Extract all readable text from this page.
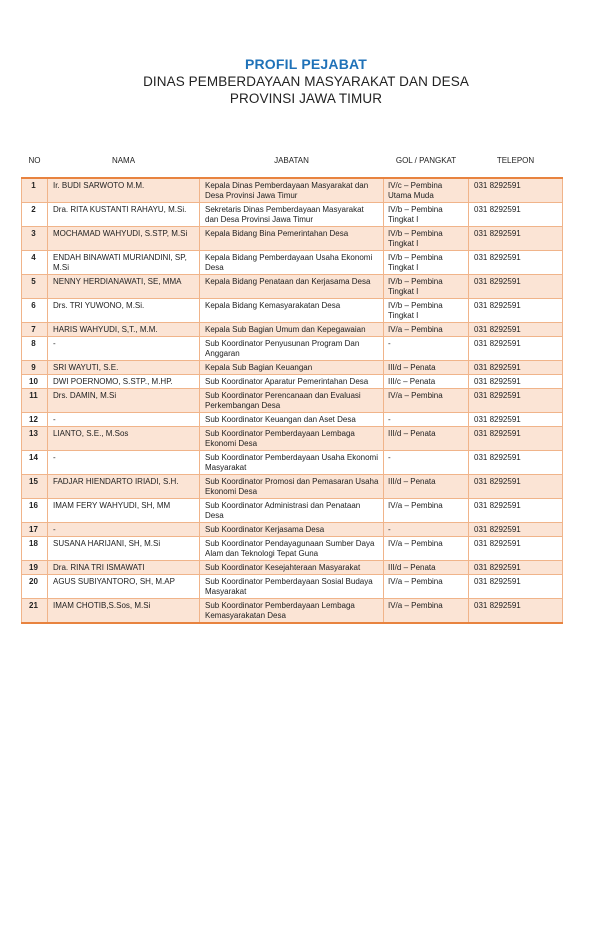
PROFIL PEJABAT
DINAS PEMBERDAYAAN MASYARAKAT DAN DESA
PROVINSI JAWA TIMUR
NO	NAMA	JABATAN	GOL / PANGKAT	TELEPON

1	Ir. BUDI SARWOTO M.M.	Kepala Dinas Pemberdayaan Masyarakat dan Desa Provinsi Jawa Timur	IV/c – Pembina Utama Muda	031 8292591
2	Dra. RITA KUSTANTI RAHAYU, M.Si.	Sekretaris Dinas Pemberdayaan Masyarakat dan Desa Provinsi Jawa Timur	IV/b – Pembina Tingkat I	031 8292591
3	MOCHAMAD WAHYUDI, S.STP, M.Si	Kepala Bidang Bina Pemerintahan Desa	IV/b – Pembina Tingkat I	031 8292591
4	ENDAH BINAWATI MURIANDINI, SP, M.Si	Kepala Bidang Pemberdayaan Usaha Ekonomi Desa	IV/b – Pembina Tingkat I	031 8292591
5	NENNY HERDIANAWATI, SE, MMA	Kepala Bidang Penataan dan Kerjasama Desa	IV/b – Pembina Tingkat I	031 8292591
6	Drs. TRI YUWONO, M.Si.	Kepala Bidang Kemasyarakatan Desa	IV/b – Pembina Tingkat I	031 8292591
7	HARIS WAHYUDI, S,T., M.M.	Kepala Sub Bagian Umum dan Kepegawaian	IV/a – Pembina	031 8292591
8	-	Sub Koordinator Penyusunan Program Dan Anggaran	-	031 8292591
9	SRI WAYUTI, S.E.	Kepala Sub Bagian Keuangan	III/d – Penata	031 8292591
10	DWI POERNOMO, S.STP., M.HP.	Sub Koordinator Aparatur Pemerintahan Desa	III/c – Penata	031 8292591
11	Drs. DAMIN, M.Si	Sub Koordinator Perencanaan dan Evaluasi Perkembangan Desa	IV/a – Pembina	031 8292591
12	-	Sub Koordinator Keuangan dan Aset Desa	-	031 8292591
13	LIANTO, S.E., M.Sos	Sub Koordinator Pemberdayaan Lembaga Ekonomi Desa	III/d – Penata	031 8292591
14	-	Sub Koordinator Pemberdayaan Usaha Ekonomi Masyarakat	-	031 8292591
15	FADJAR HIENDARTO IRIADI, S.H.	Sub Koordinator Promosi dan Pemasaran Usaha Ekonomi Desa	III/d – Penata	031 8292591
16	IMAM FERY WAHYUDI, SH, MM	Sub Koordinator Administrasi dan Penataan Desa	IV/a – Pembina	031 8292591
17	-	Sub Koordinator Kerjasama Desa	-	031 8292591
18	SUSANA HARIJANI, SH, M.Si	Sub Koordinator Pendayagunaan Sumber Daya Alam dan Teknologi Tepat Guna	IV/a – Pembina	031 8292591
19	Dra. RINA TRI ISMAWATI	Sub Koordinator Kesejahteraan Masyarakat	III/d – Penata	031 8292591
20	AGUS SUBIYANTORO, SH, M.AP	Sub Koordinator Pemberdayaan Sosial Budaya Masyarakat	IV/a – Pembina	031 8292591
21	IMAM CHOTIB,S.Sos, M.Si	Sub Koordinator Pemberdayaan Lembaga Kemasyarakatan Desa	IV/a – Pembina	031 8292591
